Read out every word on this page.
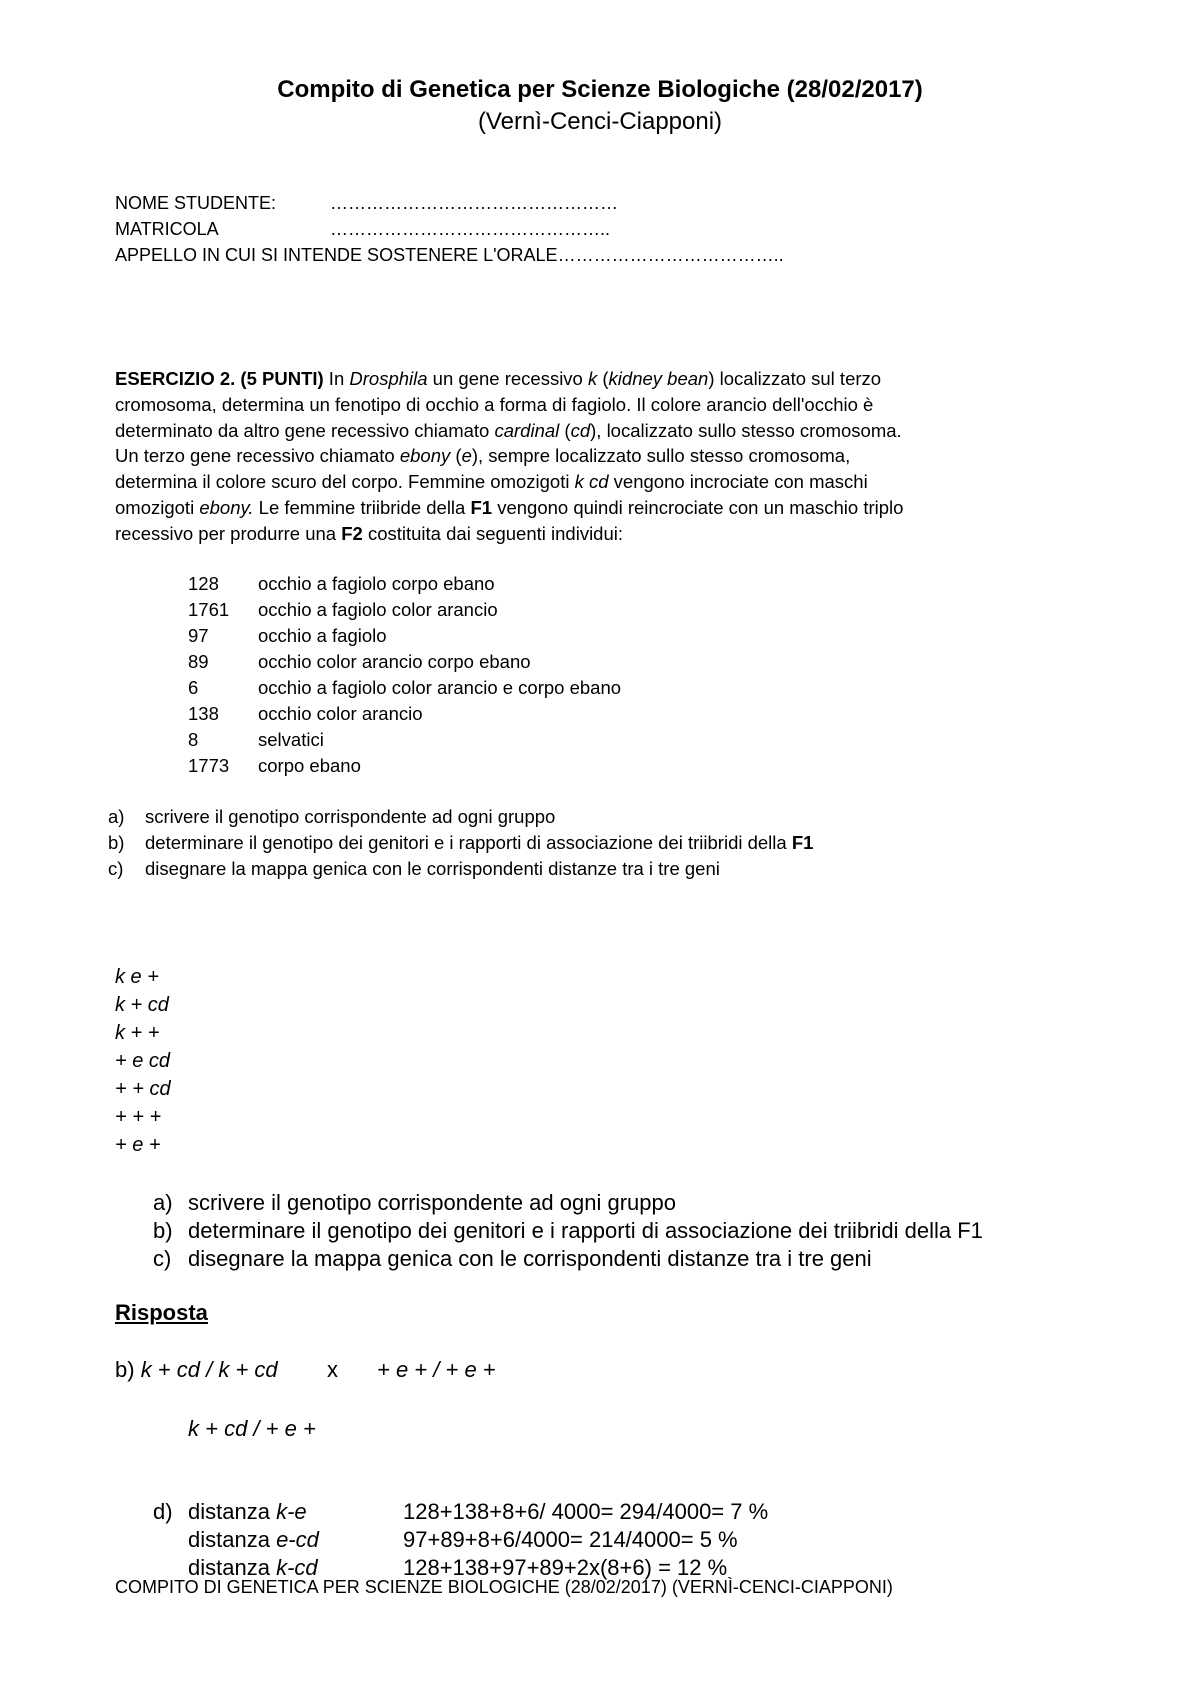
Compito di Genetica per Scienze Biologiche (28/02/2017)
(Vernì-Cenci-Ciapponi)
NOME STUDENTE:	…………………………………………
MATRICOLA	………………………………………..
APPELLO IN CUI SI INTENDE SOSTENERE L'ORALE………………………………..
ESERCIZIO 2. (5 PUNTI) In Drosphila un gene recessivo k (kidney bean) localizzato sul terzo
cromosoma, determina un fenotipo di occhio a forma di fagiolo. Il colore arancio dell'occhio è
determinato da altro gene recessivo chiamato cardinal (cd), localizzato sullo stesso cromosoma.
Un terzo gene recessivo chiamato ebony (e), sempre localizzato sullo stesso cromosoma,
determina il colore scuro del corpo. Femmine omozigoti k cd vengono incrociate con maschi
omozigoti ebony. Le femmine triibride della F1 vengono quindi reincrociate con un maschio triplo
recessivo per produrre una F2 costituita dai seguenti individui:
128 occhio a fagiolo corpo ebano
1761 occhio a fagiolo color arancio
97	occhio a fagiolo
89	occhio color arancio corpo ebano
6	occhio a fagiolo color arancio e corpo ebano
138 occhio color arancio
8	selvatici
1773 corpo ebano
a) scrivere il genotipo corrispondente ad ogni gruppo
b) determinare il genotipo dei genitori e i rapporti di associazione dei triibridi della F1
c) disegnare la mappa genica con le corrispondenti distanze tra i tre geni
k e +
k + cd
k + +
+ e cd
+ + cd
+ + +
+ e +
a) scrivere il genotipo corrispondente ad ogni gruppo
b) determinare il genotipo dei genitori e i rapporti di associazione dei triibridi della F1
c) disegnare la mappa genica con le corrispondenti distanze tra i tre geni
Risposta
b) k + cd / k + cd x + e + / + e +
k + cd / + e +
d) distanza k-e	128+138+8+6/ 4000= 294/4000= 7 %
distanza e-cd	97+89+8+6/4000= 214/4000= 5 %
distanza k-cd	128+138+97+89+2x(8+6) = 12 %
COMPITO DI GENETICA PER SCIENZE BIOLOGICHE (28/02/2017) (VERNÌ-CENCI-CIAPPONI)
